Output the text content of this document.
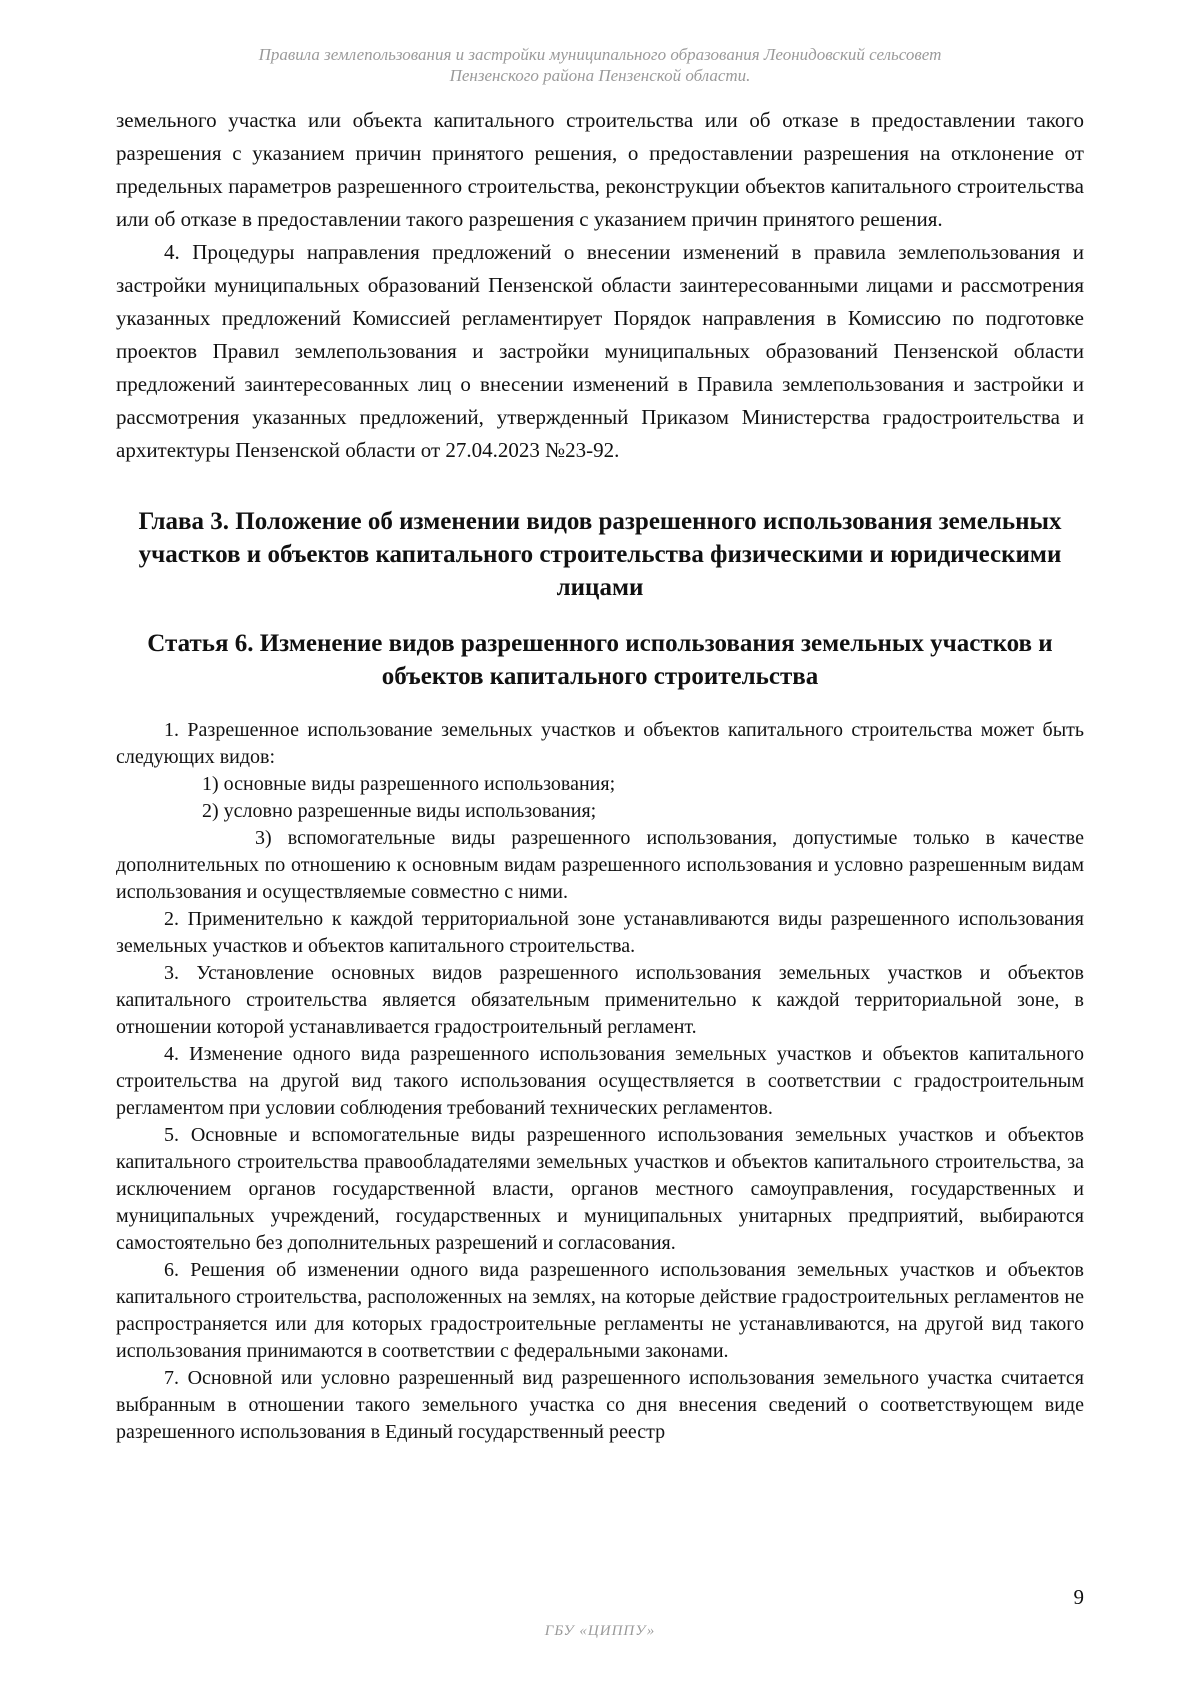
Правила землепользования и застройки муниципального образования Леонидовский сельсовет
Пензенского района Пензенской области.

земельного участка или объекта капитального строительства или об отказе в предоставлении такого разрешения с указанием причин принятого решения, о предоставлении разрешения на отклонение от предельных параметров разрешенного строительства, реконструкции объектов капитального строительства или об отказе в предоставлении такого разрешения с указанием причин принятого решения.

4. Процедуры направления предложений о внесении изменений в правила землепользования и застройки муниципальных образований Пензенской области заинтересованными лицами и рассмотрения указанных предложений Комиссией регламентирует Порядок направления в Комиссию по подготовке проектов Правил землепользования и застройки муниципальных образований Пензенской области предложений заинтересованных лиц о внесении изменений в Правила землепользования и застройки и рассмотрения указанных предложений, утвержденный Приказом Министерства градостроительства и архитектуры Пензенской области от 27.04.2023 №23-92.

Глава 3. Положение об изменении видов разрешенного использования земельных участков и объектов капитального строительства физическими и юридическими лицами
Статья 6. Изменение видов разрешенного использования земельных участков и объектов капитального строительства

1. Разрешенное использование земельных участков и объектов капитального строительства может быть следующих видов:

1) основные виды разрешенного использования;

2) условно разрешенные виды использования;

3) вспомогательные виды разрешенного использования, допустимые только в качестве дополнительных по отношению к основным видам разрешенного использования и условно разрешенным видам использования и осуществляемые совместно с ними.

2. Применительно к каждой территориальной зоне устанавливаются виды разрешенного использования земельных участков и объектов капитального строительства.

3. Установление основных видов разрешенного использования земельных участков и объектов капитального строительства является обязательным применительно к каждой территориальной зоне, в отношении которой устанавливается градостроительный регламент.

4. Изменение одного вида разрешенного использования земельных участков и объектов капитального строительства на другой вид такого использования осуществляется в соответствии с градостроительным регламентом при условии соблюдения требований технических регламентов.

5. Основные и вспомогательные виды разрешенного использования земельных участков и объектов капитального строительства правообладателями земельных участков и объектов капитального строительства, за исключением органов государственной власти, органов местного самоуправления, государственных и муниципальных учреждений, государственных и муниципальных унитарных предприятий, выбираются самостоятельно без дополнительных разрешений и согласования.

6. Решения об изменении одного вида разрешенного использования земельных участков и объектов капитального строительства, расположенных на землях, на которые действие градостроительных регламентов не распространяется или для которых градостроительные регламенты не устанавливаются, на другой вид такого использования принимаются в соответствии с федеральными законами.

7. Основной или условно разрешенный вид разрешенного использования земельного участка считается выбранным в отношении такого земельного участка со дня внесения сведений о соответствующем виде разрешенного использования в Единый государственный реестр

9
ГБУ «ЦИППУ»
